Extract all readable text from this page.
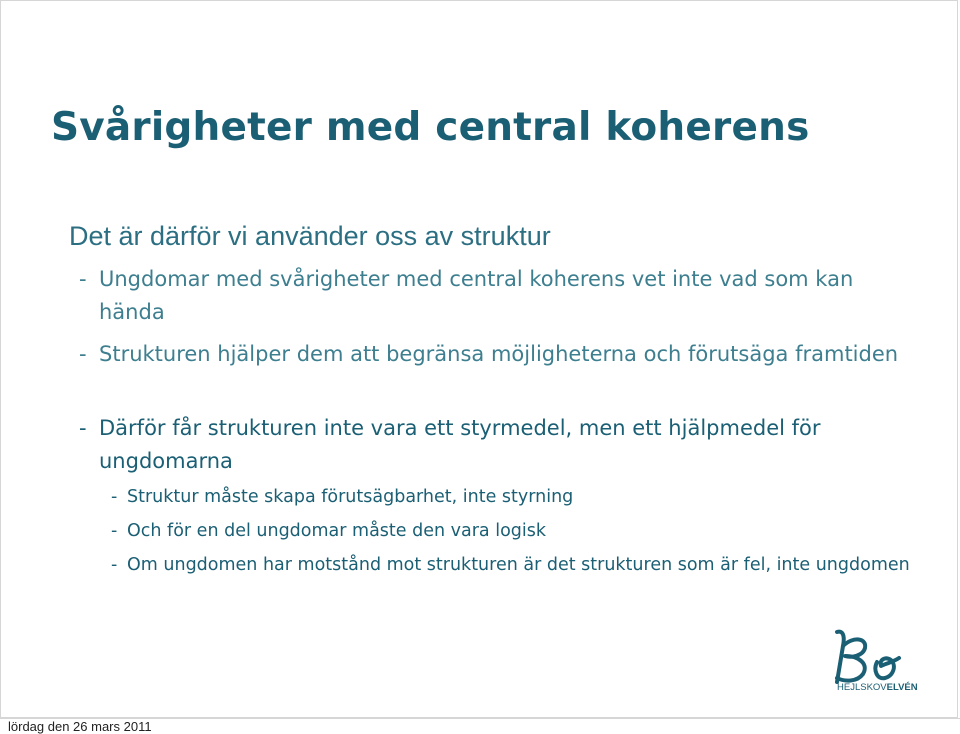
Svårigheter med central koherens

Det är därför vi använder oss av struktur

- Ungdomar med svårigheter med central koherens vet inte vad som kan hända
- Strukturen hjälper dem att begränsa möjligheterna och förutsäga framtiden
- Därför får strukturen inte vara ett styrmedel, men ett hjälpmedel för ungdomarna
- Struktur måste skapa förutsägbarhet, inte styrning
- Och för en del ungdomar måste den vara logisk
- Om ungdomen har motstånd mot strukturen är det strukturen som är fel, inte ungdomen
HEJLSKOVELVÉN
lördag den 26 mars 2011
